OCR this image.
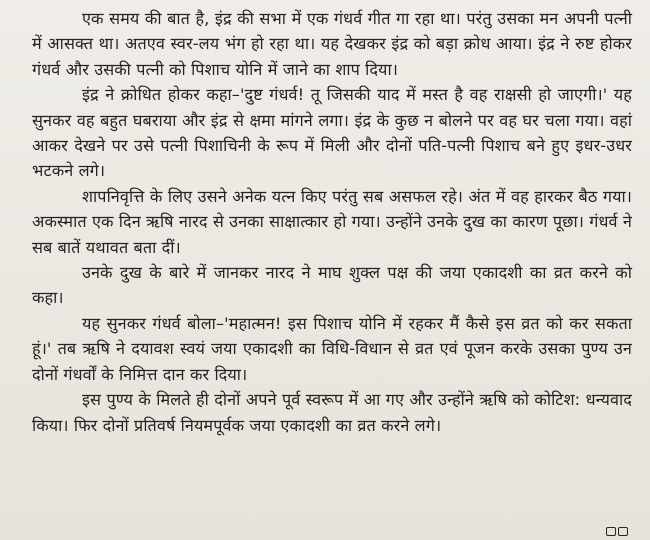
एक समय की बात है, इंद्र की सभा में एक गंधर्व गीत गा रहा था। परंतु उसका मन अपनी पत्नी में आसक्त था। अतएव स्वर-लय भंग हो रहा था। यह देखकर इंद्र को बड़ा क्रोध आया। इंद्र ने रुष्ट होकर गंधर्व और उसकी पत्नी को पिशाच योनि में जाने का शाप दिया।

इंद्र ने क्रोधित होकर कहा–'दुष्ट गंधर्व! तू जिसकी याद में मस्त है वह राक्षसी हो जाएगी।' यह सुनकर वह बहुत घबराया और इंद्र से क्षमा मांगने लगा। इंद्र के कुछ न बोलने पर वह घर चला गया। वहां आकर देखने पर उसे पत्नी पिशाचिनी के रूप में मिली और दोनों पति-पत्नी पिशाच बने हुए इधर-उधर भटकने लगे।

शापनिवृत्ति के लिए उसने अनेक यत्न किए परंतु सब असफल रहे। अंत में वह हारकर बैठ गया। अकस्मात एक दिन ऋषि नारद से उनका साक्षात्कार हो गया। उन्होंने उनके दुख का कारण पूछा। गंधर्व ने सब बातें यथावत बता दीं।

उनके दुख के बारे में जानकर नारद ने माघ शुक्ल पक्ष की जया एकादशी का व्रत करने को कहा।

यह सुनकर गंधर्व बोला–'महात्मन! इस पिशाच योनि में रहकर मैं कैसे इस व्रत को कर सकता हूं।' तब ऋषि ने दयावश स्वयं जया एकादशी का विधि-विधान से व्रत एवं पूजन करके उसका पुण्य उन दोनों गंधर्वों के निमित्त दान कर दिया।

इस पुण्य के मिलते ही दोनों अपने पूर्व स्वरूप में आ गए और उन्होंने ऋषि को कोटिश: धन्यवाद किया। फिर दोनों प्रतिवर्ष नियमपूर्वक जया एकादशी का व्रत करने लगे।
